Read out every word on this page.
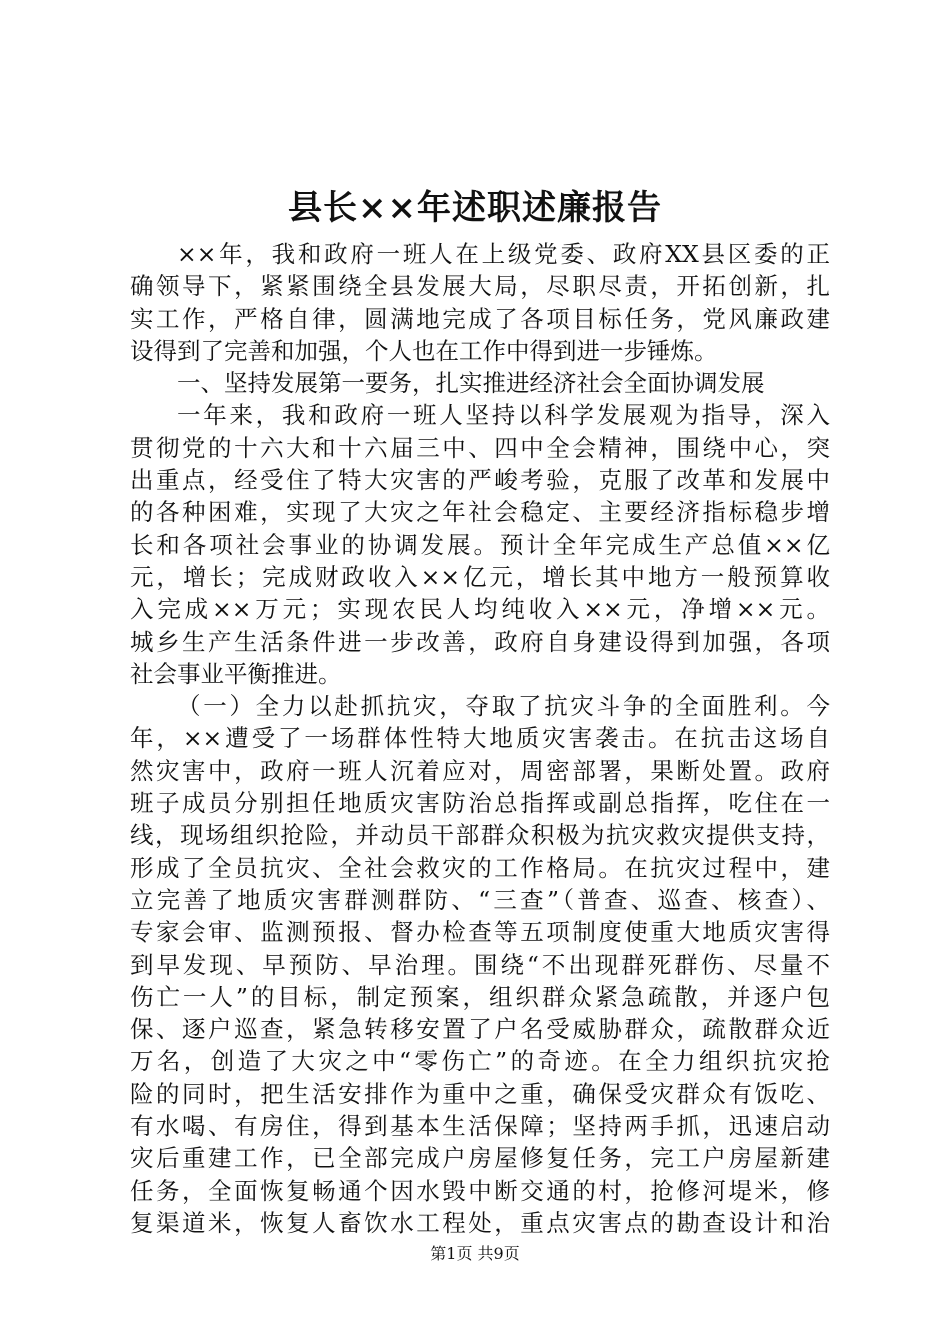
县长××年述职述廉报告
××年，我和政府一班人在上级党委、政府XX县区委的正
确领导下，紧紧围绕全县发展大局，尽职尽责，开拓创新，扎
实工作，严格自律，圆满地完成了各项目标任务，党风廉政建
设得到了完善和加强，个人也在工作中得到进一步锤炼。
一、坚持发展第一要务，扎实推进经济社会全面协调发展
一年来，我和政府一班人坚持以科学发展观为指导，深入
贯彻党的十六大和十六届三中、四中全会精神，围绕中心，突
出重点，经受住了特大灾害的严峻考验，克服了改革和发展中
的各种困难，实现了大灾之年社会稳定、主要经济指标稳步增
长和各项社会事业的协调发展。预计全年完成生产总值××亿
元，增长；完成财政收入××亿元，增长其中地方一般预算收
入完成××万元；实现农民人均纯收入××元，净增××元。
城乡生产生活条件进一步改善，政府自身建设得到加强，各项
社会事业平衡推进。
（一）全力以赴抓抗灾，夺取了抗灾斗争的全面胜利。今
年，××遭受了一场群体性特大地质灾害袭击。在抗击这场自
然灾害中，政府一班人沉着应对，周密部署，果断处置。政府
班子成员分别担任地质灾害防治总指挥或副总指挥，吃住在一
线，现场组织抢险，并动员干部群众积极为抗灾救灾提供支持，
形成了全员抗灾、全社会救灾的工作格局。在抗灾过程中，建
立完善了地质灾害群测群防、“三查”（普查、巡查、核查）、
专家会审、监测预报、督办检查等五项制度使重大地质灾害得
到早发现、早预防、早治理。围绕“不出现群死群伤、尽量不
伤亡一人”的目标，制定预案，组织群众紧急疏散，并逐户包
保、逐户巡查，紧急转移安置了户名受威胁群众，疏散群众近
万名，创造了大灾之中“零伤亡”的奇迹。在全力组织抗灾抢
险的同时，把生活安排作为重中之重，确保受灾群众有饭吃、
有水喝、有房住，得到基本生活保障；坚持两手抓，迅速启动
灾后重建工作，已全部完成户房屋修复任务，完工户房屋新建
任务，全面恢复畅通个因水毁中断交通的村，抢修河堤米，修
复渠道米，恢复人畜饮水工程处，重点灾害点的勘查设计和治
第1页 共9页
